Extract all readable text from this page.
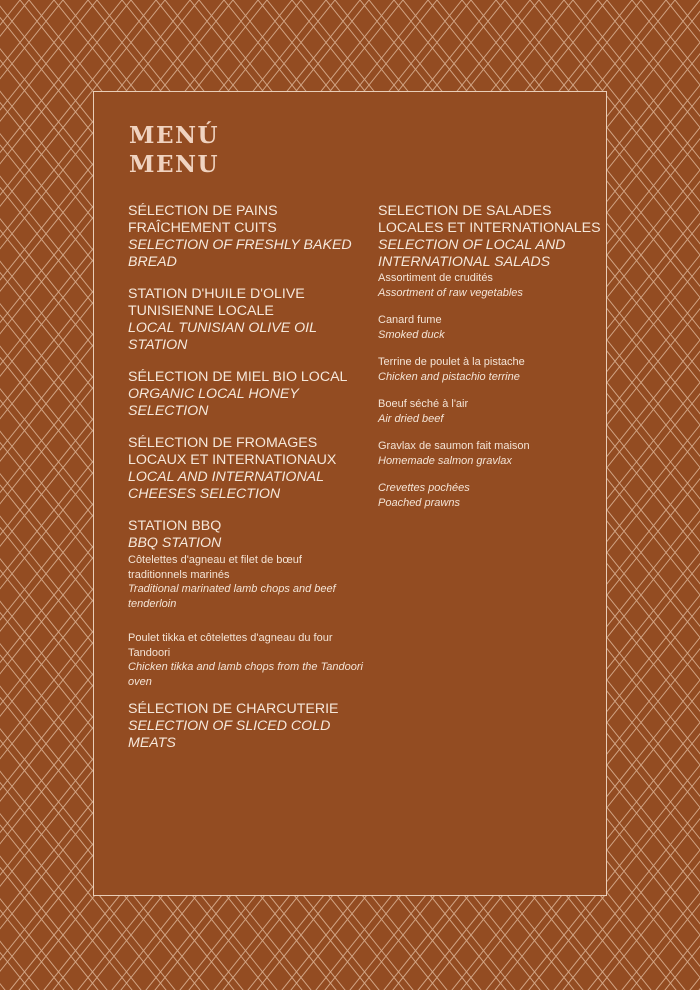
MENÚ
MENU

SÉLECTION DE PAINS FRAÎCHEMENT CUITS

SELECTION OF FRESHLY BAKED BREAD

STATION D'HUILE D'OLIVE TUNISIENNE LOCALE

LOCAL TUNISIAN OLIVE OIL STATION

SÉLECTION DE MIEL BIO LOCAL

ORGANIC LOCAL HONEY SELECTION

SÉLECTION DE FROMAGES LOCAUX ET INTERNATIONAUX

LOCAL AND INTERNATIONAL CHEESES SELECTION

STATION BBQ

BBQ STATION

Côtelettes d'agneau et filet de bœuf traditionnels marinés

Traditional marinated lamb chops and beef tenderloin

Poulet tikka et côtelettes d'agneau du four Tandoori

Chicken tikka and lamb chops from the Tandoori oven

SÉLECTION DE CHARCUTERIE

SELECTION OF SLICED COLD MEATS

SELECTION DE SALADES LOCALES ET INTERNATIONALES

SELECTION OF LOCAL AND INTERNATIONAL SALADS

Assortiment de crudités

Assortment of raw vegetables

Canard fume

Smoked duck

Terrine de poulet à la pistache

Chicken and pistachio terrine

Boeuf séché à l'air

Air dried beef

Gravlax de saumon fait maison

Homemade salmon gravlax

Crevettes pochées

Poached prawns
